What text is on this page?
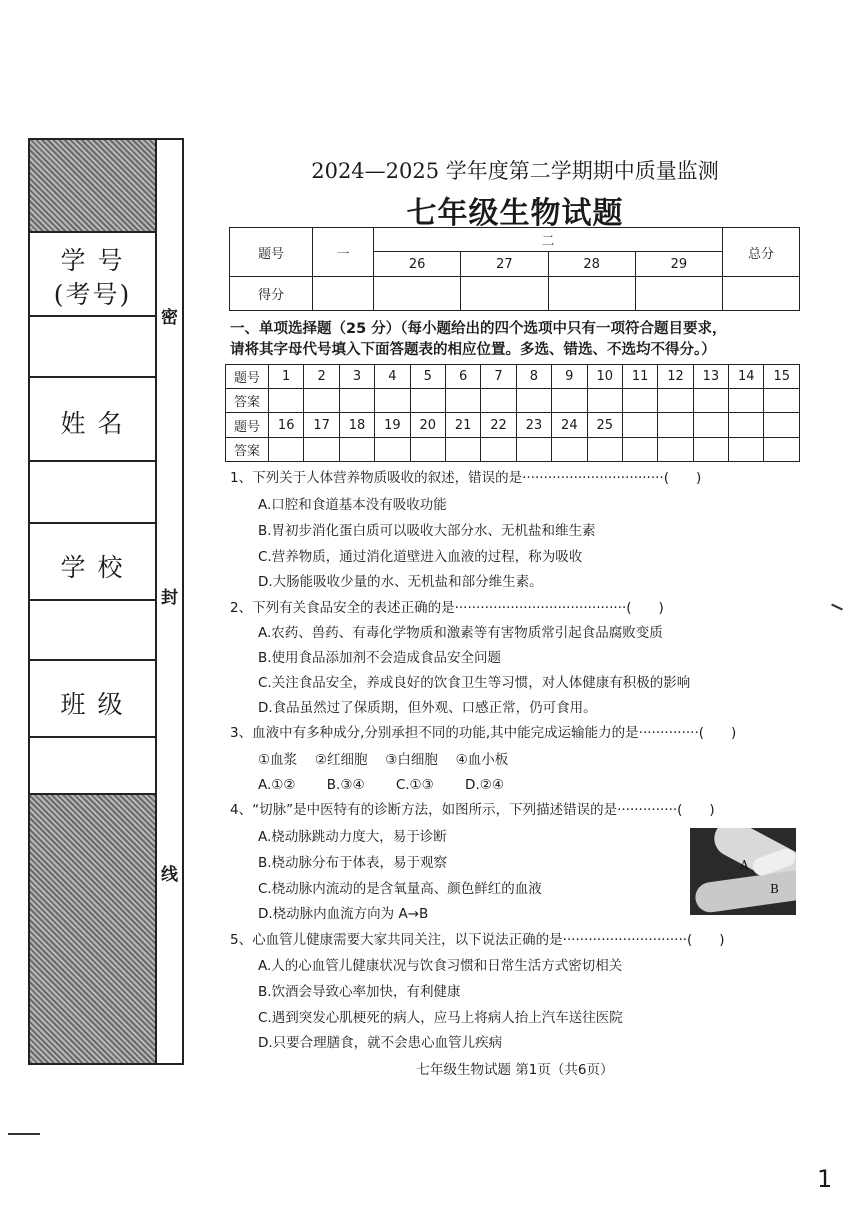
学 号
(考号)
姓 名
学 校
班 级
密
封
线
2024—2025 学年度第二学期期中质量监测
七年级生物试题
题号	一	二				总分
		26	27	28	29	
得分						
一、单项选择题（25 分）（每小题给出的四个选项中只有一项符合题目要求，
请将其字母代号填入下面答题表的相应位置。多选、错选、不选均不得分。）
题号	1	2	3	4	5	6	7	8	9	10	11	12	13	14	15
答案															
题号	16	17	18	19	20	21	22	23	24	25					
答案															
1、下列关于人体营养物质吸收的叙述，错误的是·································(　　)
A.口腔和食道基本没有吸收功能
B.胃初步消化蛋白质可以吸收大部分水、无机盐和维生素
C.营养物质，通过消化道壁进入血液的过程，称为吸收
D.大肠能吸收少量的水、无机盐和部分维生素。
2、下列有关食品安全的表述正确的是········································(　　)
A.农药、兽药、有毒化学物质和激素等有害物质常引起食品腐败变质
B.使用食品添加剂不会造成食品安全问题
C.关注食品安全，养成良好的饮食卫生等习惯，对人体健康有积极的影响
D.食品虽然过了保质期，但外观、口感正常，仍可食用。
3、血液中有多种成分,分别承担不同的功能,其中能完成运输能力的是··············(　　)
①血浆　 ②红细胞　 ③白细胞　 ④血小板
A.①②　　 B.③④　　 C.①③　　 D.②④
4、“切脉”是中医特有的诊断方法，如图所示，下列描述错误的是··············(　　)
A.桡动脉跳动力度大，易于诊断
B.桡动脉分布于体表，易于观察
C.桡动脉内流动的是含氧量高、颜色鲜红的血液
D.桡动脉内血流方向为 A→B
A
B
5、心血管儿健康需要大家共同关注，以下说法正确的是·····························(　　)
A.人的心血管儿健康状况与饮食习惯和日常生活方式密切相关
B.饮酒会导致心率加快，有利健康
C.遇到突发心肌梗死的病人，应马上将病人抬上汽车送往医院
D.只要合理膳食，就不会患心血管儿疾病
七年级生物试题 第1页（共6页）
1
